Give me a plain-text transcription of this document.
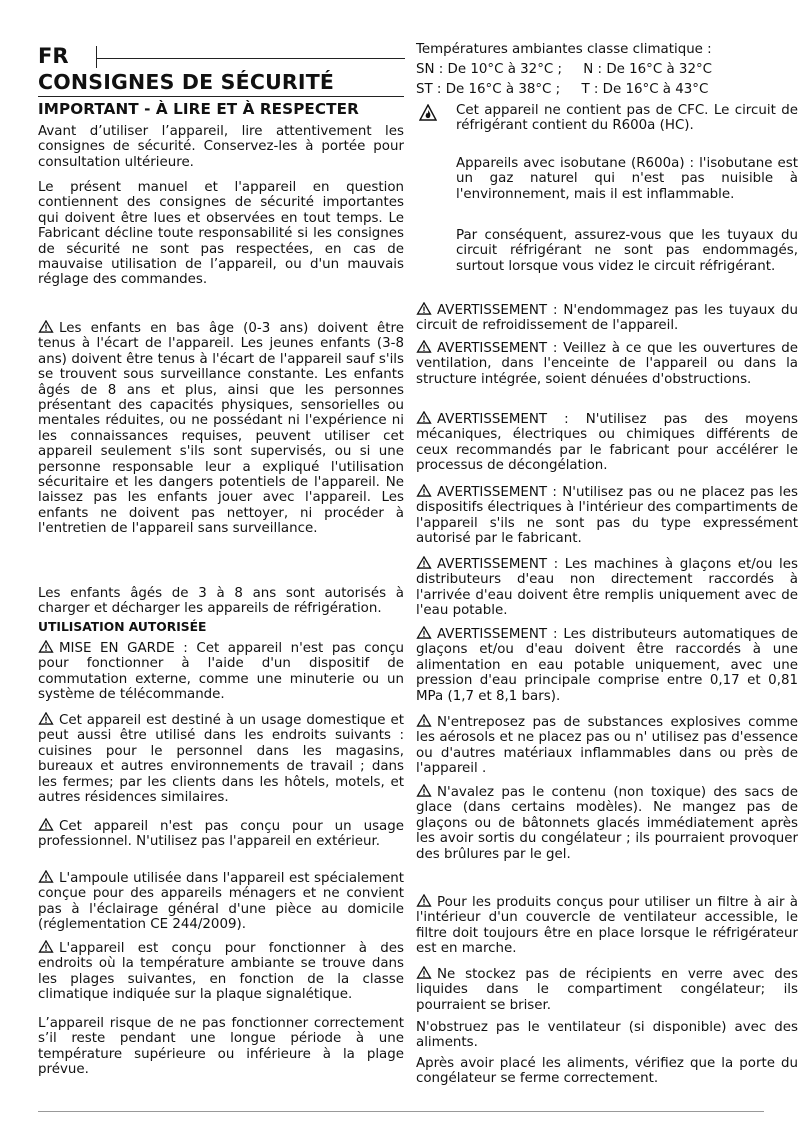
FR
CONSIGNES DE SÉCURITÉ
IMPORTANT - À LIRE ET À RESPECTER

Avant d’utiliser l’appareil, lire attentivement les consignes de sécurité. Conservez-les à portée pour consultation ultérieure.

Le présent manuel et l'appareil en question contiennent des consignes de sécurité importantes qui doivent être lues et observées en tout temps. Le Fabricant décline toute responsabilité si les consignes de sécurité ne sont pas respectées, en cas de mauvaise utilisation de l’appareil, ou d'un mauvais réglage des commandes.

Les enfants en bas âge (0-3 ans) doivent être tenus à l'écart de l'appareil. Les jeunes enfants (3-8 ans) doivent être tenus à l'écart de l'appareil sauf s'ils se trouvent sous surveillance constante. Les enfants âgés de 8 ans et plus, ainsi que les personnes présentant des capacités physiques, sensorielles ou mentales réduites, ou ne possédant ni l'expérience ni les connaissances requises, peuvent utiliser cet appareil seulement s'ils sont supervisés, ou si une personne responsable leur a expliqué l'utilisation sécuritaire et les dangers potentiels de l'appareil. Ne laissez pas les enfants jouer avec l'appareil. Les enfants ne doivent pas nettoyer, ni procéder à l'entretien de l'appareil sans surveillance.

Les enfants âgés de 3 à 8 ans sont autorisés à charger et décharger les appareils de réfrigération.

UTILISATION AUTORISÉE

MISE EN GARDE : Cet appareil n'est pas conçu pour fonctionner à l'aide d'un dispositif de commutation externe, comme une minuterie ou un système de télécommande.

Cet appareil est destiné à un usage domestique et peut aussi être utilisé dans les endroits suivants : cuisines pour le personnel dans les magasins, bureaux et autres environnements de travail ; dans les fermes; par les clients dans les hôtels, motels, et autres résidences similaires.

Cet appareil n'est pas conçu pour un usage professionnel. N'utilisez pas l'appareil en extérieur.

L'ampoule utilisée dans l'appareil est spécialement conçue pour des appareils ménagers et ne convient pas à l'éclairage général d'une pièce au domicile (réglementation CE 244/2009).

L'appareil est conçu pour fonctionner à des endroits où la température ambiante se trouve dans les plages suivantes, en fonction de la classe climatique indiquée sur la plaque signalétique.

L’appareil risque de ne pas fonctionner correctement s’il reste pendant une longue période à une température supérieure ou inférieure à la plage prévue.

Températures ambiantes classe climatique :

SN : De 10°C à 32°C ;     N : De 16°C à 32°C

ST : De 16°C à 38°C ;     T : De 16°C à 43°C

Cet appareil ne contient pas de CFC. Le circuit de réfrigérant contient du R600a (HC).

Appareils avec isobutane (R600a) : l'isobutane est un gaz naturel qui n'est pas nuisible à l'environnement, mais il est inflammable.

Par conséquent, assurez-vous que les tuyaux du circuit réfrigérant ne sont pas endommagés, surtout lorsque vous videz le circuit réfrigérant.

AVERTISSEMENT : N'endommagez pas les tuyaux du circuit de refroidissement de l'appareil.

AVERTISSEMENT : Veillez à ce que les ouvertures de ventilation, dans l'enceinte de l'appareil ou dans la structure intégrée, soient dénuées d'obstructions.

AVERTISSEMENT : N'utilisez pas des moyens mécaniques, électriques ou chimiques différents de ceux recommandés par le fabricant pour accélérer le processus de décongélation.

AVERTISSEMENT : N'utilisez pas ou ne placez pas les dispositifs électriques à l'intérieur des compartiments de l'appareil s'ils ne sont pas du type expressément autorisé par le fabricant.

AVERTISSEMENT : Les machines à glaçons et/ou les distributeurs d'eau non directement raccordés à l'arrivée d'eau doivent être remplis uniquement avec de l'eau potable.

AVERTISSEMENT : Les distributeurs automatiques de glaçons et/ou d'eau doivent être raccordés à une alimentation en eau potable uniquement, avec une pression d'eau principale comprise entre 0,17 et 0,81 MPa (1,7 et 8,1 bars).

N'entreposez pas de substances explosives comme les aérosols et ne placez pas ou n' utilisez pas d'essence ou d'autres matériaux inflammables dans ou près de l'appareil .

N'avalez pas le contenu (non toxique) des sacs de glace (dans certains modèles). Ne mangez pas de glaçons ou de bâtonnets glacés immédiatement après les avoir sortis du congélateur ; ils pourraient provoquer des brûlures par le gel.

Pour les produits conçus pour utiliser un filtre à air à l'intérieur d'un couvercle de ventilateur accessible, le filtre doit toujours être en place lorsque le réfrigérateur est en marche.

Ne stockez pas de récipients en verre avec des liquides dans le compartiment congélateur; ils pourraient se briser.

N'obstruez pas le ventilateur (si disponible) avec des aliments.

Après avoir placé les aliments, vérifiez que la porte du congélateur se ferme correctement.
